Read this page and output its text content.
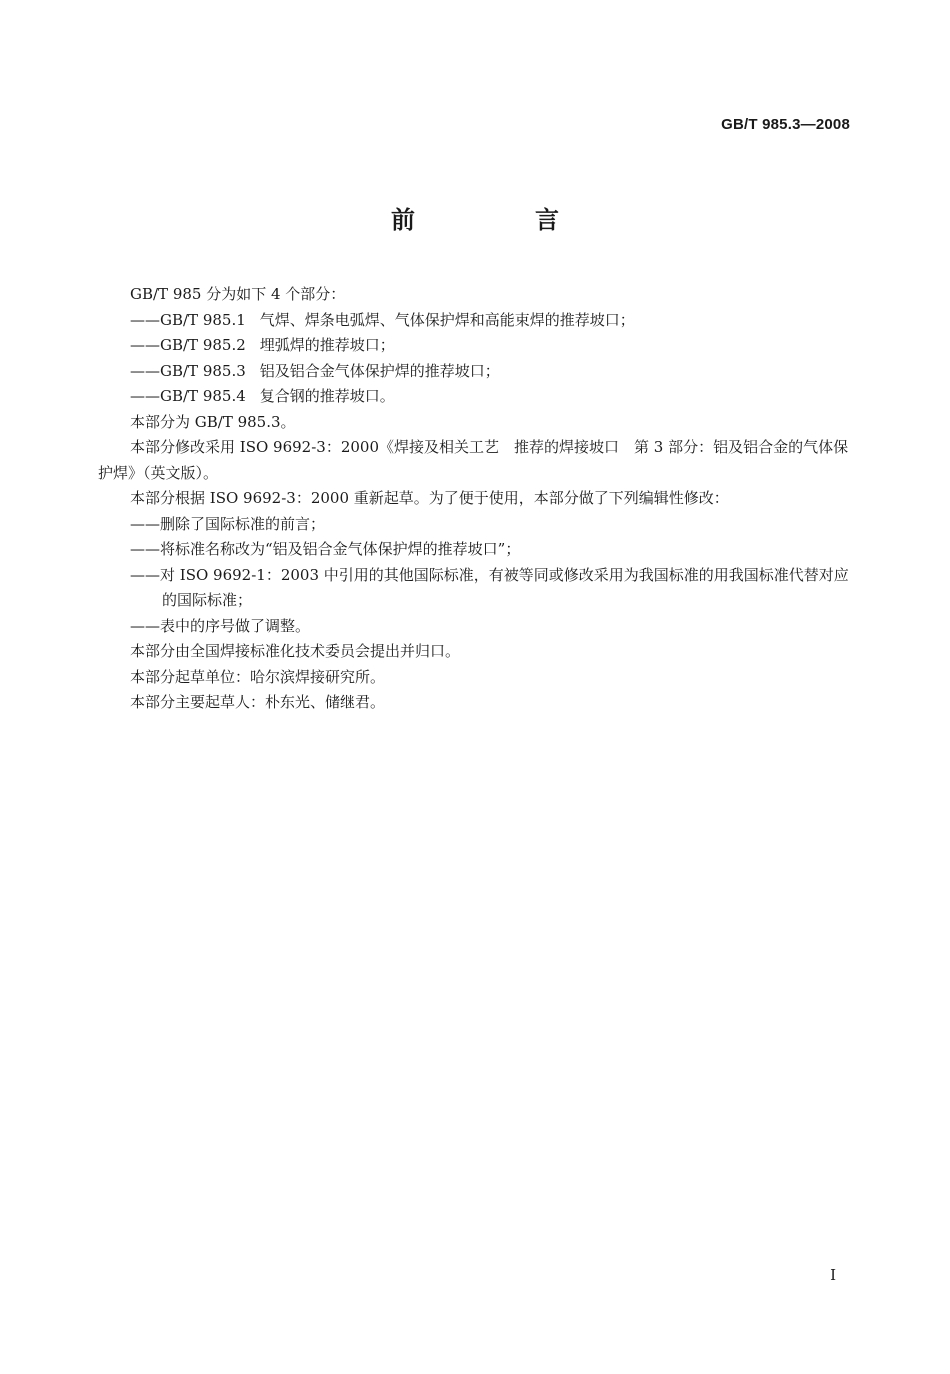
GB/T 985.3—2008
前　言

GB/T 985 分为如下 4 个部分：

——GB/T 985.1 气焊、焊条电弧焊、气体保护焊和高能束焊的推荐坡口；

——GB/T 985.2 埋弧焊的推荐坡口；

——GB/T 985.3 铝及铝合金气体保护焊的推荐坡口；

——GB/T 985.4 复合钢的推荐坡口。

本部分为 GB/T 985.3。

本部分修改采用 ISO 9692-3：2000《焊接及相关工艺　推荐的焊接坡口　第 3 部分：铝及铝合金的气体保护焊》（英文版）。

本部分根据 ISO 9692-3：2000 重新起草。为了便于使用，本部分做了下列编辑性修改：

——删除了国际标准的前言；

——将标准名称改为“铝及铝合金气体保护焊的推荐坡口”；

——对 ISO 9692-1：2003 中引用的其他国际标准，有被等同或修改采用为我国标准的用我国标准代替对应的国际标准；

——表中的序号做了调整。

本部分由全国焊接标准化技术委员会提出并归口。

本部分起草单位：哈尔滨焊接研究所。

本部分主要起草人：朴东光、储继君。

I
